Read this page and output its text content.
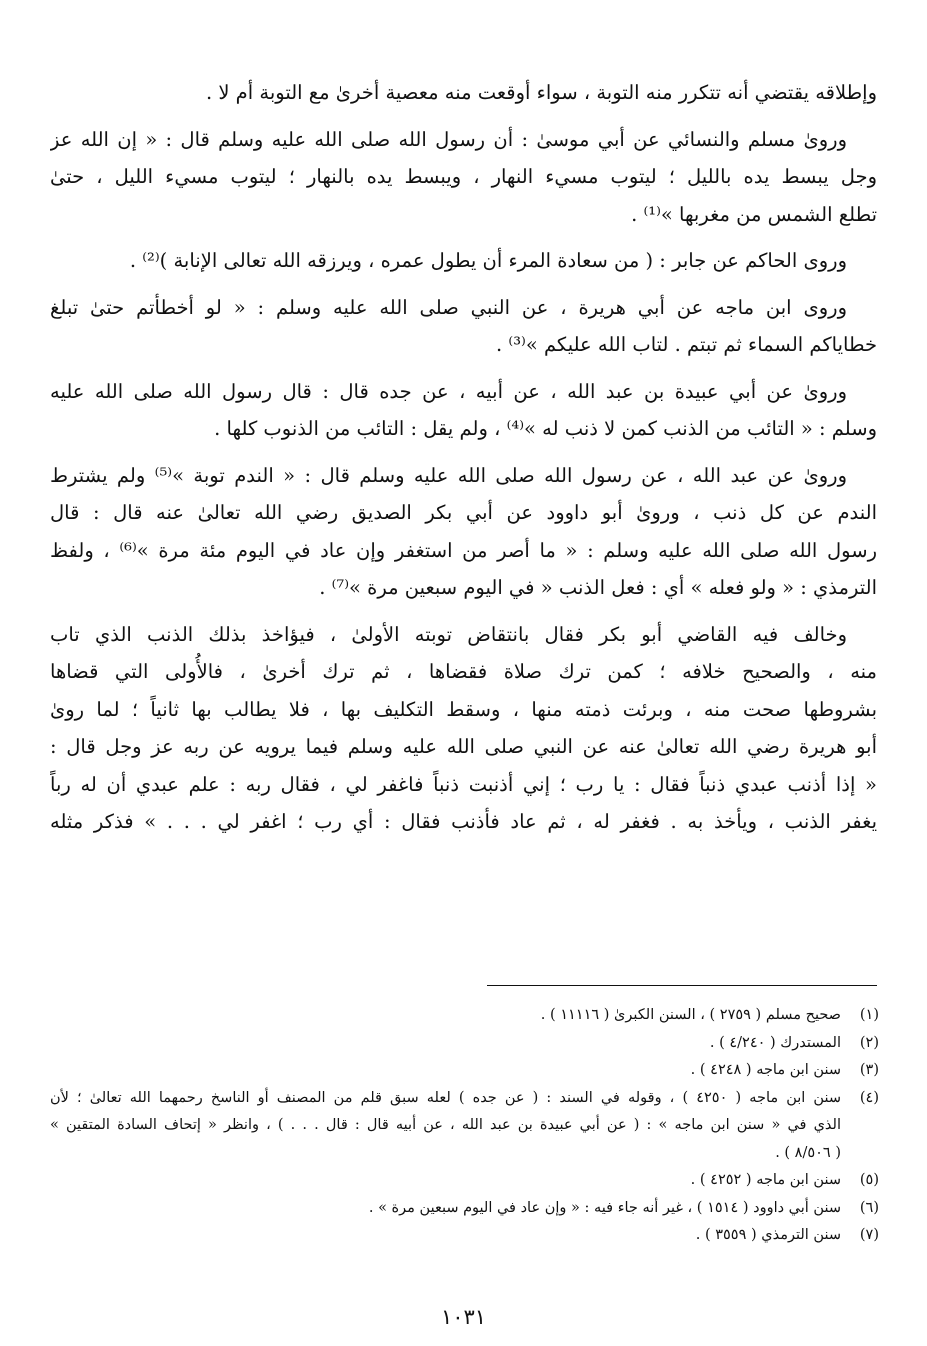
وإطلاقه يقتضي أنه تتكرر منه التوبة ، سواء أوقعت منه معصية أخرىٰ مع التوبة أم لا .
ورویٰ مسلم والنسائي عن أبي موسىٰ : أن رسول الله صلى الله عليه وسلم قال : « إن الله عز
وجل يبسط يده بالليل ؛ ليتوب مسيء النهار ، ويبسط يده بالنهار ؛ ليتوب مسيء الليل ، حتىٰ
تطلع الشمس من مغربها »⁽¹⁾ .
وروى الحاكم عن جابر : ( من سعادة المرء أن يطول عمره ، ويرزقه الله تعالى الإنابة )⁽²⁾ .
وروى ابن ماجه عن أبي هريرة ، عن النبي صلى الله عليه وسلم : « لو أخطأتم حتىٰ تبلغ
خطاياكم السماء ثم تبتم . لتاب الله عليكم »⁽³⁾ .
ورویٰ عن أبي عبيدة بن عبد الله ، عن أبيه ، عن جده قال : قال رسول الله صلى الله عليه
وسلم : « التائب من الذنب كمن لا ذنب له »⁽⁴⁾ ، ولم يقل : التائب من الذنوب كلها .
ورویٰ عن عبد الله ، عن رسول الله صلى الله عليه وسلم قال : « الندم توبة »⁽⁵⁾ ولم يشترط
الندم عن كل ذنب ، وروىٰ أبو داوود عن أبي بكر الصديق رضي الله تعالىٰ عنه قال : قال
رسول الله صلى الله عليه وسلم : « ما أصر من استغفر وإن عاد في اليوم مئة مرة »⁽⁶⁾ ، ولفظ
الترمذي : « ولو فعله » أي : فعل الذنب « في اليوم سبعين مرة »⁽⁷⁾ .
وخالف فيه القاضي أبو بكر فقال بانتقاض توبته الأولىٰ ، فيؤاخذ بذلك الذنب الذي تاب
منه ، والصحيح خلافه ؛ كمن ترك صلاة فقضاها ، ثم ترك أخرىٰ ، فالأُولى التي قضاها
بشروطها صحت منه ، وبرئت ذمته منها ، وسقط التكليف بها ، فلا يطالب بها ثانياً ؛ لما روىٰ
أبو هريرة رضي الله تعالىٰ عنه عن النبي صلى الله عليه وسلم فيما يرويه عن ربه عز وجل قال :
« إذا أذنب عبدي ذنباً فقال : يا رب ؛ إني أذنبت ذنباً فاغفر لي ، فقال ربه : علم عبدي أن له رباً
يغفر الذنب ، ويأخذ به . فغفر له ، ثم عاد فأذنب فقال : أي رب ؛ اغفر لي . . . » فذكر مثله
(١)
صحيح مسلم ( ٢٧٥٩ ) ، السنن الكبرىٰ ( ١١١١٦ ) .
(٢)
المستدرك ( ٤/٢٤٠ ) .
(٣)
سنن ابن ماجه ( ٤٢٤٨ ) .
(٤)
سنن ابن ماجه ( ٤٢٥٠ ) ، وقوله في السند : ( عن جده ) لعله سبق قلم من المصنف أو الناسخ رحمهما الله تعالىٰ ؛ لأن
الذي في « سنن ابن ماجه » : ( عن أبي عبيدة بن عبد الله ، عن أبيه قال : قال . . . ) ، وانظر « إتحاف السادة المتقين »
( ٨/٥٠٦ ) .
(٥)
سنن ابن ماجه ( ٤٢٥٢ ) .
(٦)
سنن أبي داوود ( ١٥١٤ ) ، غير أنه جاء فيه : « وإن عاد في اليوم سبعين مرة » .
(٧)
سنن الترمذي ( ٣٥٥٩ ) .
١٠٣١
